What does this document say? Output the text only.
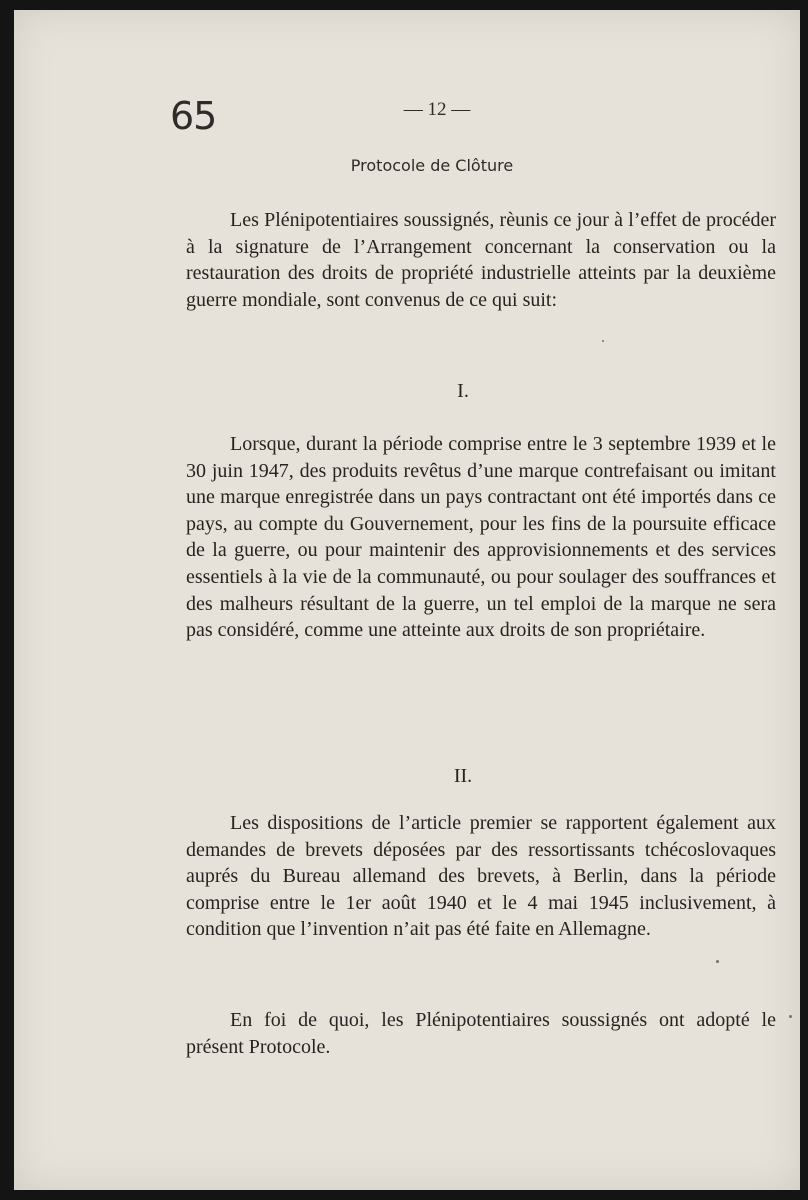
65	— 12 —
Protocole de Clôture

Les Plénipotentiaires soussignés, rèunis ce jour à l’effet de procéder à la signature de l’Arrangement concernant la conservation ou la restauration des droits de propriété industrielle atteints par la deuxième guerre mondiale, sont convenus de ce qui suit:

I.

Lorsque, durant la période comprise entre le 3 septembre 1939 et le 30 juin 1947, des produits revêtus d’une marque contrefaisant ou imitant une marque enregistrée dans un pays contractant ont été importés dans ce pays, au compte du Gouvernement, pour les fins de la poursuite efficace de la guerre, ou pour maintenir des approvisionnements et des services essentiels à la vie de la communauté, ou pour soulager des souffrances et des malheurs résultant de la guerre, un tel emploi de la marque ne sera pas considéré, comme une atteinte aux droits de son propriétaire.

II.

Les dispositions de l’article premier se rapportent également aux demandes de brevets déposées par des ressortissants tchécoslovaques auprés du Bureau allemand des brevets, à Berlin, dans la période comprise entre le 1er août 1940 et le 4 mai 1945 inclusivement, à condition que l’invention n’ait pas été faite en Allemagne.

En foi de quoi, les Plénipotentiaires soussignés ont adopté le présent Protocole.
